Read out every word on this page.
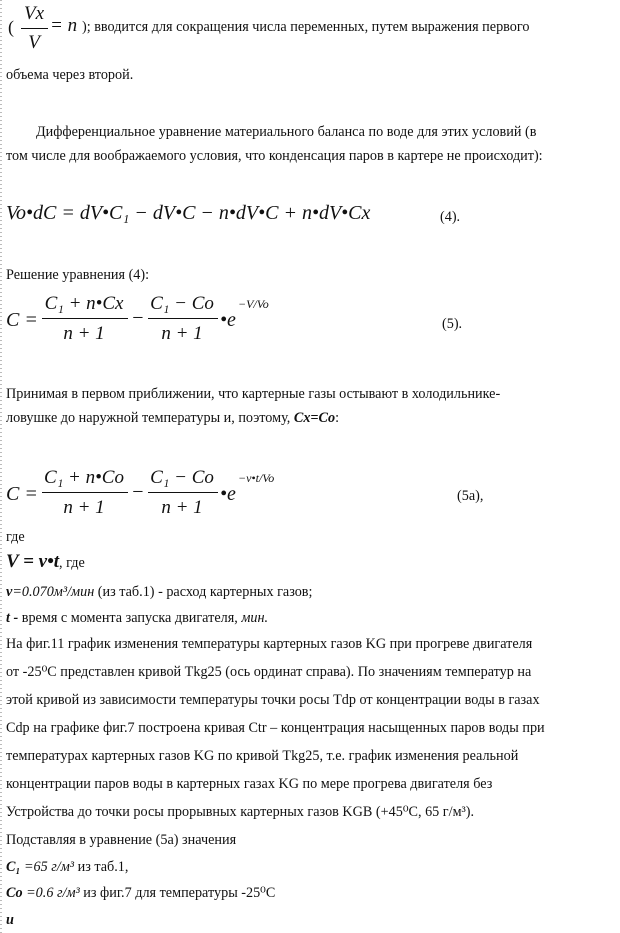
(
Vx
V
= n ); вводится для сокращения числа переменных, путем выражения первого
объема через второй.
Дифференциальное уравнение материального баланса по воде для этих условий (в
том числе для воображаемого условия, что конденсация паров в картере не происходит):
Vo•dC = dV•C₁ − dV•C − n•dV•C + n•dV•Cx	(4).
Решение уравнения (4):
C =
C₁ + n•Cx
n + 1
−
C₁ − Co
n + 1
•e
−V/Vo
(5).
Принимая в первом приближении, что картерные газы остывают в холодильнике-
ловушке до наружной температуры и, поэтому, Cx=Co:
C =
C₁ + n•Co
n + 1
−
C₁ − Co
n + 1
•e
−v•t/Vo
(5a),
где
V = v•t, где
v=0.070м³/мин (из таб.1) - расход картерных газов;
t - время с момента запуска двигателя, мин.
На фиг.11 график изменения температуры картерных газов KG при прогреве двигателя
от -25⁰C представлен кривой Tkg25 (ось ординат справа). По значениям температур на
этой кривой из зависимости температуры точки росы Tdp от концентрации воды в газах
Cdp на графике фиг.7 построена кривая Ctr – концентрация насыщенных паров воды при
температурах картерных газов KG по кривой Tkg25, т.е. график изменения реальной
концентрации паров воды в картерных газах KG по мере прогрева двигателя без
Устройства до точки росы прорывных картерных газов KGB (+45⁰C, 65 г/м³).
Подставляя в уравнение (5а) значения
C₁ =65 г/м³ из таб.1,
Co =0.6 г/м³ из фиг.7 для температуры -25⁰C
и
